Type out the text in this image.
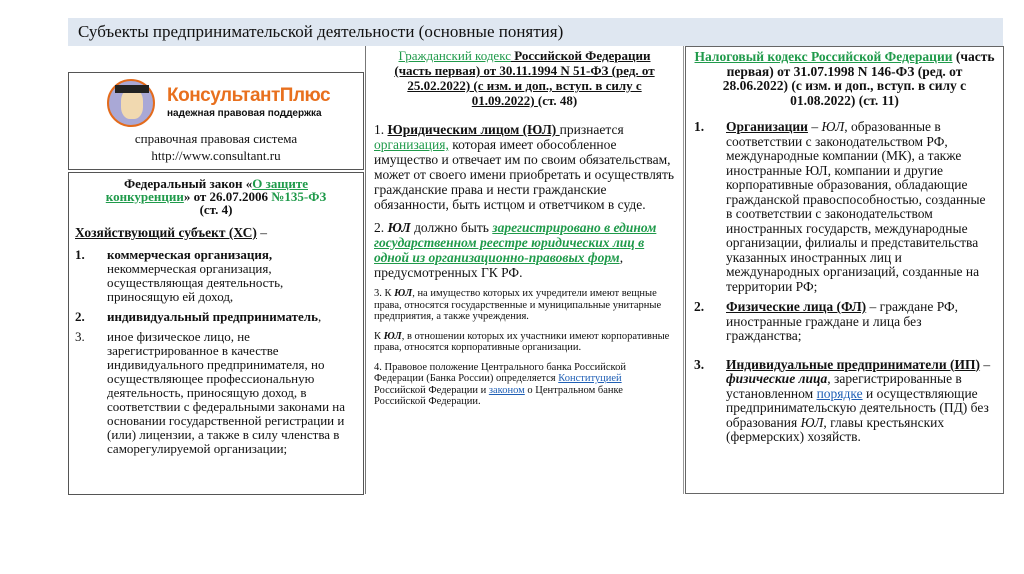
Субъекты предпринимательской деятельности (основные понятия)
КонсультантПлюс
надежная правовая поддержка
справочная правовая система
http://www.consultant.ru
Федеральный закон «О защите конкуренции» от 26.07.2006 №135-ФЗ (ст. 4)
Хозяйствующий субъект (ХС) –
1.	коммерческая организация, некоммерческая организация, осуществляющая деятельность, приносящую ей доход,
2.	индивидуальный предприниматель,
3.	иное физическое лицо, не зарегистрированное в качестве индивидуального предпринимателя, но осуществляющее профессиональную деятельность, приносящую доход, в соответствии с федеральными законами на основании государственной регистрации и (или) лицензии, а также в силу членства в саморегулируемой организации;
Гражданский кодекс Российской Федерации (часть первая) от 30.11.1994 N 51-ФЗ (ред. от 25.02.2022) (с изм. и доп., вступ. в силу с 01.09.2022) (ст. 48)

1. Юридическим лицом (ЮЛ) признается организация, которая имеет обособленное имущество и отвечает им по своим обязательствам, может от своего имени приобретать и осуществлять гражданские права и нести гражданские обязанности, быть истцом и ответчиком в суде.

2. ЮЛ должно быть зарегистрировано в едином государственном реестре юридических лиц в одной из организационно-правовых форм, предусмотренных ГК РФ.

3. К ЮЛ, на имущество которых их учредители имеют вещные права, относятся государственные и муниципальные унитарные предприятия, а также учреждения.

К ЮЛ, в отношении которых их участники имеют корпоративные права, относятся корпоративные организации.

4. Правовое положение Центрального банка Российской Федерации (Банка России) определяется Конституцией Российской Федерации и законом о Центральном банке Российской Федерации.

Налоговый кодекс Российской Федерации (часть первая) от 31.07.1998 N 146-ФЗ (ред. от 28.06.2022) (с изм. и доп., вступ. в силу с 01.08.2022) (ст. 11)
1.	Организации – ЮЛ, образованные в соответствии с законодательством РФ, международные компании (МК), а также иностранные ЮЛ, компании и другие корпоративные образования, обладающие гражданской правоспособностью, созданные в соответствии с законодательством иностранных государств, международные организации, филиалы и представительства указанных иностранных лиц и международных организаций, созданные на территории РФ;
2.	Физические лица (ФЛ) – граждане РФ, иностранные граждане и лица без гражданства;
3.	Индивидуальные предприниматели (ИП) – физические лица, зарегистрированные в установленном порядке и осуществляющие предпринимательскую деятельность (ПД) без образования ЮЛ, главы крестьянских (фермерских) хозяйств.
